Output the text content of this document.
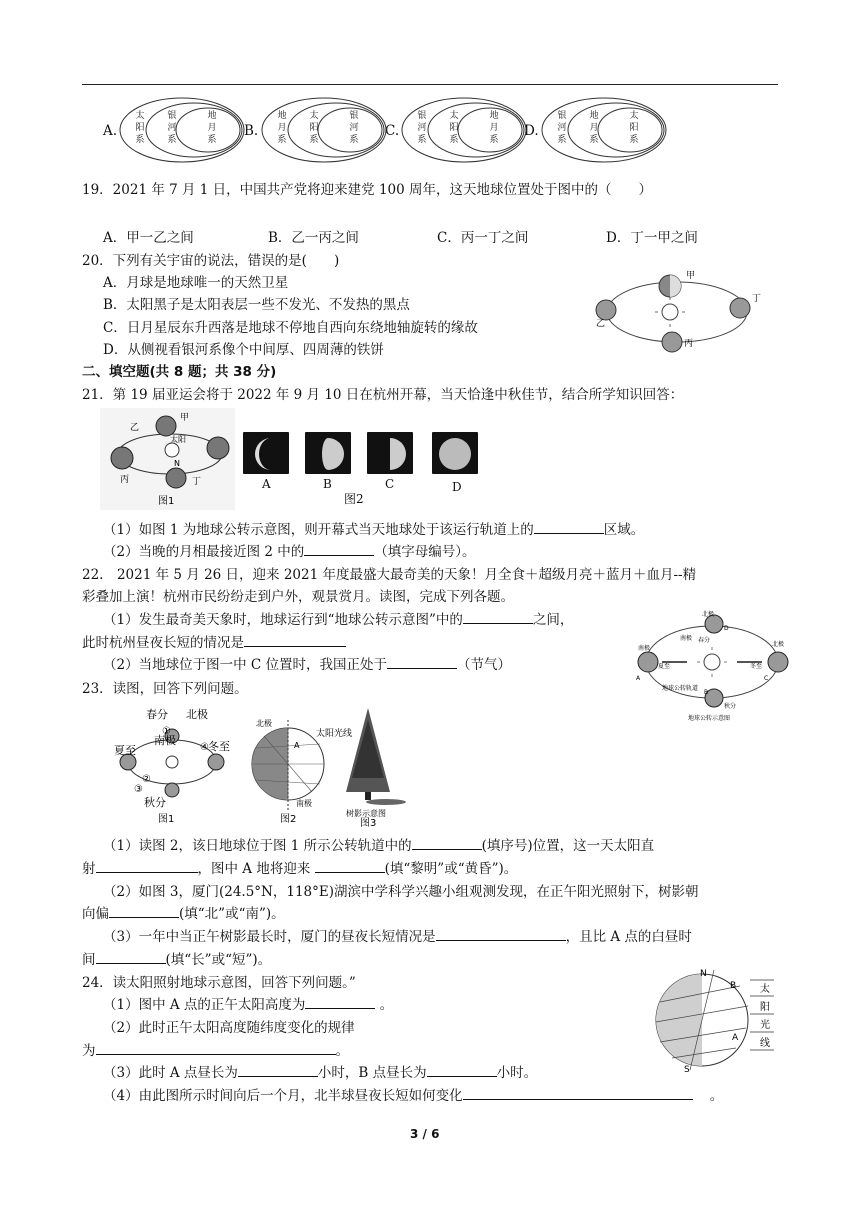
A.	B.	C.	D.
太
阳
系
银
河
系
地
月
系
地
月
系
太
阳
系
银
河
系
银
河
系
太
阳
系
地
月
系
银
河
系
地
月
系
太
阳
系
19．2021 年 7 月 1 日，中国共产党将迎来建党 100 周年，这天地球位置处于图中的（　　）
A．甲一乙之间	B．乙一丙之间	C．丙一丁之间	D．丁一甲之间
20．下列有关宇宙的说法，错误的是(　　)
A．月球是地球唯一的天然卫星
B．太阳黑子是太阳表层一些不发光、不发热的黑点
C．日月星辰东升西落是地球不停地自西向东绕地轴旋转的缘故
D．从侧视看银河系像个中间厚、四周薄的铁饼
甲
丁
丙
乙
二、填空题(共 8 题；共 38 分)
21．第 19 届亚运会将于 2022 年 9 月 10 日在杭州开幕，当天恰逢中秋佳节，结合所学知识回答：
甲
乙
丙	丁
太阳
N
图1
A	B	C	D
图2
（1）如图 1 为地球公转示意图，则开幕式当天地球处于该运行轨道上的	区域。
（2）当晚的月相最接近图 2 中的	（填字母编号）。
22.　2021 年 5 月 26 日，迎来 2021 年度最盛大最奇美的天象！月全食＋超级月亮＋蓝月＋血月--精
彩叠加上演！杭州市民纷纷走到户外，观景赏月。读图，完成下列各题。
（1）发生最奇美天象时，地球运行到“地球公转示意图”中的	之间，
此时杭州昼夜长短的情况是
（2）当地球位于图一中 C 位置时，我国正处于	（节气）
北极
D
春分
南极
夏至	冬至
北极
C
南极
A
B
秋分
地球公转轨道
地球公转示意图
23．读图，回答下列问题。
春分 北极
夏至	冬至
南极
①
②
③
④
秋分
图1
北极
南极
A
太阳光线
图2
树影示意图
图3
（1）读图 2，该日地球位于图 1 所示公转轨道中的	(填序号)位置，这一天太阳直
射	，图中 A 地将迎来	(填“黎明”或“黄昏”)。
（2）如图 3，厦门(24.5°N，118°E)湖滨中学科学兴趣小组观测发现，在正午阳光照射下，树影朝
向偏	(填“北”或“南”)。
（3）一年中当正午树影最长时，厦门的昼夜长短情况是	，且比 A 点的白昼时
间	(填“长”或“短”)。
24．读太阳照射地球示意图，回答下列问题。”
（1）图中 A 点的正午太阳高度为	。
（2）此时正午太阳高度随纬度变化的规律
为	。
（3）此时 A 点昼长为	小时，B 点昼长为	小时。
（4）由此图所示时间向后一个月，北半球昼夜长短如何变化	。
N
S
B
A
太
阳
光
线
3 / 6
